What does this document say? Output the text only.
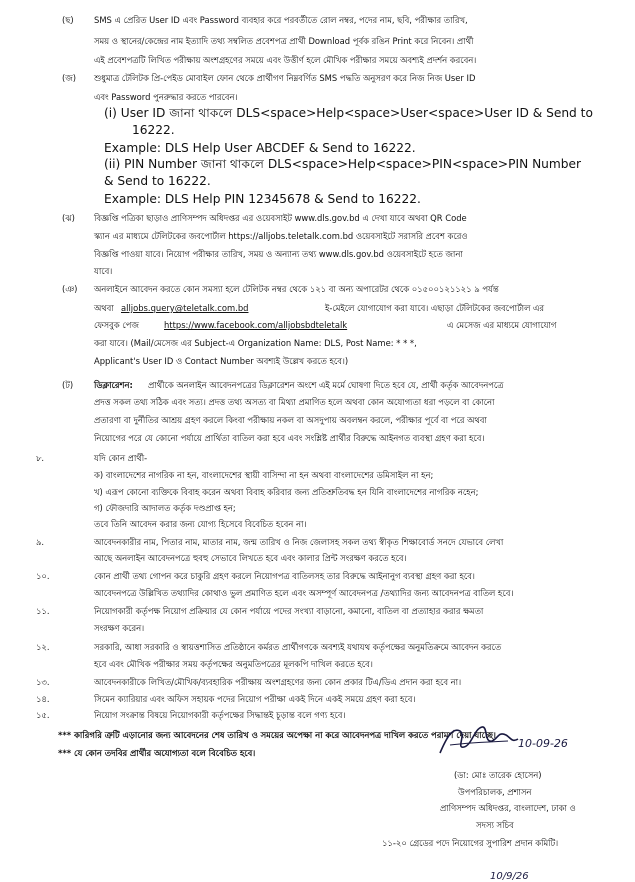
(ছ) SMS এ প্রেরিত User ID এবং Password ব্যবহার করে পরবর্তীতে রোল নম্বর, পদের নাম, ছবি, পরীক্ষার তারিখ,
সময় ও স্থানের/কেন্দ্রের নাম ইত্যাদি তথ্য সম্বলিত প্রবেশপত্র প্রার্থী Download পূর্বক রঙিন Print করে নিবেন। প্রার্থী
এই প্রবেশপত্রটি লিখিত পরীক্ষায় অংশগ্রহণের সময়ে এবং উত্তীর্ণ হলে মৌখিক পরীক্ষার সময়ে অবশ্যই প্রদর্শন করবেন।
(জ) শুধুমাত্র টেলিটক প্রি-পেইড মোবাইল ফোন থেকে প্রার্থীগণ নিম্নবর্ণিত SMS পদ্ধতি অনুসরণ করে নিজ নিজ User ID
এবং Password পুনরুদ্ধার করতে পারবেন।
(i) User ID জানা থাকলে DLS<space>Help<space>User<space>User ID & Send to
16222.
Example: DLS Help User ABCDEF & Send to 16222.
(ii) PIN Number জানা থাকলে DLS<space>Help<space>PIN<space>PIN Number
& Send to 16222.
Example: DLS Help PIN 12345678 & Send to 16222.
(ঝ) বিজ্ঞপ্তি পত্রিকা ছাড়াও প্রাণিসম্পদ অধিদপ্তর এর ওয়েবসাইট www.dls.gov.bd এ দেখা যাবে অথবা QR Code
স্ক্যান এর মাধ্যমে টেলিটকের জবপোর্টাল https://alljobs.teletalk.com.bd ওয়েবসাইটে সরাসরি প্রবেশ করেও
বিজ্ঞপ্তি পাওয়া যাবে। নিয়োগ পরীক্ষার তারিখ, সময় ও অন্যান্য তথ্য www.dls.gov.bd ওয়েবসাইটে হতে জানা
যাবে।
(ঞ) অনলাইনে আবেদন করতে কোন সমস্যা হলে টেলিটক নম্বর থেকে ১২১ বা অন্য অপারেটর থেকে ০১৫০০১২১১২১ ৯ পর্যন্ত
অথবা alljobs.query@teletalk.com.bd	ই-মেইলে যোগাযোগ করা যাবে। এছাড়া টেলিটকের জবপোর্টাল এর
ফেসবুক পেজ	https://www.facebook.com/alljobsbdteletalk	এ মেসেজ এর মাধ্যমে যোগাযোগ
করা যাবে। (Mail/মেসেজ এর Subject-এ Organization Name: DLS, Post Name: * * *,
Applicant's User ID ও Contact Number অবশ্যই উল্লেখ করতে হবে।)
(ট) ডিক্লারেশন: প্রার্থীকে অনলাইন আবেদনপত্রের ডিক্লারেশন অংশে এই মর্মে ঘোষণা দিতে হবে যে, প্রার্থী কর্তৃক আবেদনপত্রে
প্রদত্ত সকল তথ্য সঠিক এবং সত্য। প্রদত্ত তথ্য অসত্য বা মিথ্যা প্রমাণিত হলে অথবা কোন অযোগ্যতা ধরা পড়লে বা কোনো
প্রতারণা বা দুর্নীতির আশ্রয় গ্রহণ করলে কিংবা পরীক্ষায় নকল বা অসদুপায় অবলম্বন করলে, পরীক্ষার পূর্বে বা পরে অথবা
নিয়োগের পরে যে কোনো পর্যায়ে প্রার্থিতা বাতিল করা হবে এবং সংশ্লিষ্ট প্রার্থীর বিরুদ্ধে আইনগত ব্যবস্থা গ্রহণ করা হবে।
৮.	যদি কোন প্রার্থী-
ক) বাংলাদেশের নাগরিক না হন, বাংলাদেশের স্থায়ী বাসিন্দা না হন অথবা বাংলাদেশের ডমিসাইল না হন;
খ) এরূপ কোনো ব্যক্তিকে বিবাহ করেন অথবা বিবাহ করিবার জন্য প্রতিশ্রুতিবদ্ধ হন যিনি বাংলাদেশের নাগরিক নহেন;
গ) ফৌজদারি আদালত কর্তৃক দণ্ডপ্রাপ্ত হন;
তবে তিনি আবেদন করার জন্য যোগ্য হিসেবে বিবেচিত হবেন না।
৯.	আবেদনকারীর নাম, পিতার নাম, মাতার নাম, জন্ম তারিখ ও নিজ জেলাসহ সকল তথ্য স্বীকৃত শিক্ষাবোর্ড সনদে যেভাবে লেখা
আছে অনলাইন আবেদনপত্রে হুবহু সেভাবে লিখতে হবে এবং কালার প্রিন্ট সংরক্ষণ করতে হবে।
১০.	কোন প্রার্থী তথ্য গোপন করে চাকুরি গ্রহণ করলে নিয়োগপত্র বাতিলসহ তার বিরুদ্ধে আইনানুগ ব্যবস্থা গ্রহণ করা হবে।
আবেদনপত্রে উল্লিখিত তথ্যাদির কোথাও ভুল প্রমাণিত হলে এবং অসম্পূর্ণ আবেদনপত্র /তথ্যাদির জন্য আবেদনপত্র বাতিল হবে।
১১.	নিয়োগকারী কর্তৃপক্ষ নিয়োগ প্রক্রিয়ার যে কোন পর্যায়ে পদের সংখ্যা বাড়ানো, কমানো, বাতিল বা প্রত্যাহার করার ক্ষমতা
সংরক্ষণ করেন।
১২.	সরকারি, আধা সরকারি ও স্বায়ত্তশাসিত প্রতিষ্ঠানে কর্মরত প্রার্থীগণকে অবশ্যই যথাযথ কর্তৃপক্ষের অনুমতিক্রমে আবেদন করতে
হবে এবং মৌখিক পরীক্ষার সময় কর্তৃপক্ষের অনুমতিপত্রের মূলকপি দাখিল করতে হবে।
১৩.	আবেদনকারীকে লিখিত/মৌখিক/ব্যবহারিক পরীক্ষায় অংশগ্রহণের জন্য কোন প্রকার টিএ/ডিএ প্রদান করা হবে না।
১৪.	সিমেন ক্যারিয়ার এবং অফিস সহায়ক পদের নিয়োগ পরীক্ষা একই দিনে একই সময়ে গ্রহণ করা হবে।
১৫.	নিয়োগ সংক্রান্ত বিষয়ে নিয়োগকারী কর্তৃপক্ষের সিদ্ধান্তই চূড়ান্ত বলে গণ্য হবে।
*** কারিগরি ত্রুটি এড়ানোর জন্য আবেদনের শেষ তারিখ ও সময়ের অপেক্ষা না করে আবেদনপত্র দাখিল করতে পরামর্শ দেয়া যাচ্ছে।
*** যে কোন তদবির প্রার্থীর অযোগ্যতা বলে বিবেচিত হবে।
10-09-26
(ডা: মোঃ তারেক হোসেন)
উপপরিচালক, প্রশাসন
প্রাণিসম্পদ অধিদপ্তর, বাংলাদেশ, ঢাকা ও
সদস্য সচিব
১১-২০ গ্রেডের পদে নিয়োগের সুপারিশ প্রদান কমিটি।
10/9/26
